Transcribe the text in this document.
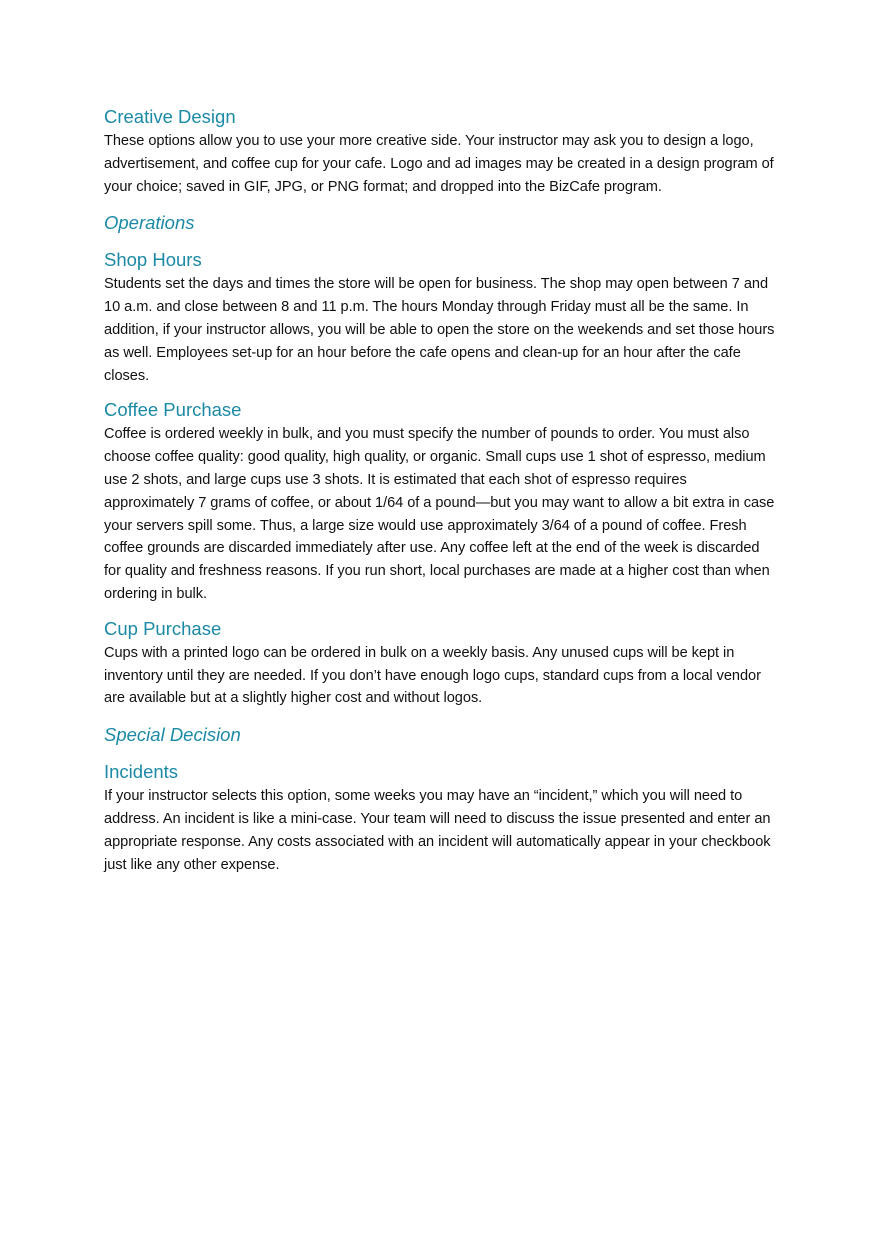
Creative Design

These options allow you to use your more creative side. Your instructor may ask you to design a logo, advertisement, and coffee cup for your cafe. Logo and ad images may be created in a design program of your choice; saved in GIF, JPG, or PNG format; and dropped into the BizCafe program.

Operations
Shop Hours

Students set the days and times the store will be open for business. The shop may open between 7 and 10 a.m. and close between 8 and 11 p.m. The hours Monday through Friday must all be the same. In addition, if your instructor allows, you will be able to open the store on the weekends and set those hours as well. Employees set-up for an hour before the cafe opens and clean-up for an hour after the cafe closes.

Coffee Purchase

Coffee is ordered weekly in bulk, and you must specify the number of pounds to order. You must also choose coffee quality: good quality, high quality, or organic. Small cups use 1 shot of espresso, medium use 2 shots, and large cups use 3 shots. It is estimated that each shot of espresso requires approximately 7 grams of coffee, or about 1/64 of a pound—but you may want to allow a bit extra in case your servers spill some. Thus, a large size would use approximately 3/64 of a pound of coffee. Fresh coffee grounds are discarded immediately after use. Any coffee left at the end of the week is discarded for quality and freshness reasons. If you run short, local purchases are made at a higher cost than when ordering in bulk.

Cup Purchase

Cups with a printed logo can be ordered in bulk on a weekly basis. Any unused cups will be kept in inventory until they are needed. If you don’t have enough logo cups, standard cups from a local vendor are available but at a slightly higher cost and without logos.

Special Decision
Incidents

If your instructor selects this option, some weeks you may have an “incident,” which you will need to address. An incident is like a mini-case. Your team will need to discuss the issue presented and enter an appropriate response. Any costs associated with an incident will automatically appear in your checkbook just like any other expense.
